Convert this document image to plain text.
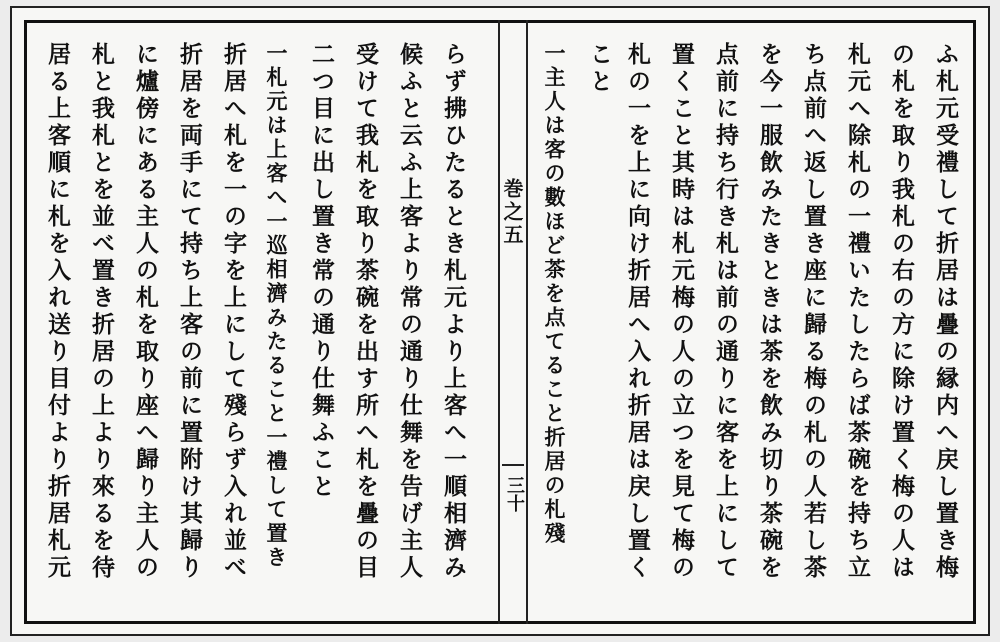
ふ札元受禮して折居は疊の縁内へ戻し置き梅
の札を取り我札の右の方に除け置く梅の人は
札元へ除札の一禮いたしたらば茶碗を持ち立
ち点前へ返し置き座に歸る梅の札の人若し茶
を今一服飲みたきときは茶を飲み切り茶碗を
点前に持ち行き札は前の通りに客を上にして
置くこと其時は札元梅の人の立つを見て梅の
札の一を上に向け折居へ入れ折居は戻し置く
こと
一主人は客の數ほど茶を点てること折居の札殘
巻之五
三十
らず拂ひたるとき札元より上客へ一順相濟み
候ふと云ふ上客より常の通り仕舞を告げ主人
受けて我札を取り茶碗を出す所へ札を疊の目
二つ目に出し置き常の通り仕舞ふこと
一札元は上客へ一巡相濟みたること一禮して置き
折居へ札を一の字を上にして殘らず入れ並べ
折居を両手にて持ち上客の前に置附け其歸り
に爐傍にある主人の札を取り座へ歸り主人の
札と我札とを並べ置き折居の上より來るを待
居る上客順に札を入れ送り目付より折居札元
